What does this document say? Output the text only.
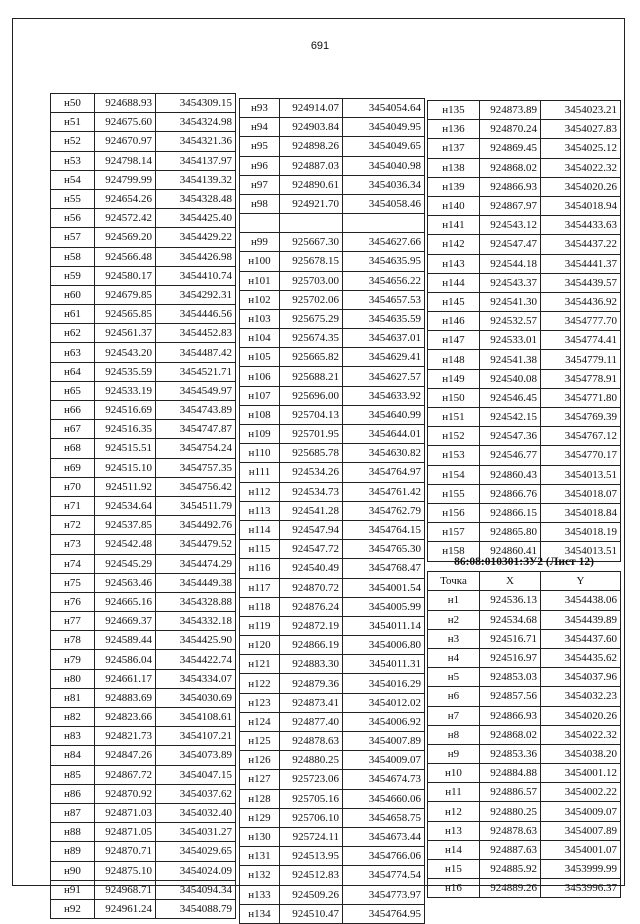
691
н50	924688.93	3454309.15
н51	924675.60	3454324.98
н52	924670.97	3454321.36
н53	924798.14	3454137.97
н54	924799.99	3454139.32
н55	924654.26	3454328.48
н56	924572.42	3454425.40
н57	924569.20	3454429.22
н58	924566.48	3454426.98
н59	924580.17	3454410.74
н60	924679.85	3454292.31
н61	924565.85	3454446.56
н62	924561.37	3454452.83
н63	924543.20	3454487.42
н64	924535.59	3454521.71
н65	924533.19	3454549.97
н66	924516.69	3454743.89
н67	924516.35	3454747.87
н68	924515.51	3454754.24
н69	924515.10	3454757.35
н70	924511.92	3454756.42
н71	924534.64	3454511.79
н72	924537.85	3454492.76
н73	924542.48	3454479.52
н74	924545.29	3454474.29
н75	924563.46	3454449.38
н76	924665.16	3454328.88
н77	924669.37	3454332.18
н78	924589.44	3454425.90
н79	924586.04	3454422.74
н80	924661.17	3454334.07
н81	924883.69	3454030.69
н82	924823.66	3454108.61
н83	924821.73	3454107.21
н84	924847.26	3454073.89
н85	924867.72	3454047.15
н86	924870.92	3454037.62
н87	924871.03	3454032.40
н88	924871.05	3454031.27
н89	924870.71	3454029.65
н90	924875.10	3454024.09
н91	924968.71	3454094.34
н92	924961.24	3454088.79
н93	924914.07	3454054.64
н94	924903.84	3454049.95
н95	924898.26	3454049.65
н96	924887.03	3454040.98
н97	924890.61	3454036.34
н98	924921.70	3454058.46

н99	925667.30	3454627.66
н100	925678.15	3454635.95
н101	925703.00	3454656.22
н102	925702.06	3454657.53
н103	925675.29	3454635.59
н104	925674.35	3454637.01
н105	925665.82	3454629.41
н106	925688.21	3454627.57
н107	925696.00	3454633.92
н108	925704.13	3454640.99
н109	925701.95	3454644.01
н110	925685.78	3454630.82
н111	924534.26	3454764.97
н112	924534.73	3454761.42
н113	924541.28	3454762.79
н114	924547.94	3454764.15
н115	924547.72	3454765.30
н116	924540.49	3454768.47
н117	924870.72	3454001.54
н118	924876.24	3454005.99
н119	924872.19	3454011.14
н120	924866.19	3454006.80
н121	924883.30	3454011.31
н122	924879.36	3454016.29
н123	924873.41	3454012.02
н124	924877.40	3454006.92
н125	924878.63	3454007.89
н126	924880.25	3454009.07
н127	925723.06	3454674.73
н128	925705.16	3454660.06
н129	925706.10	3454658.75
н130	925724.11	3454673.44
н131	924513.95	3454766.06
н132	924512.83	3454774.54
н133	924509.26	3454773.97
н134	924510.47	3454764.95
н135	924873.89	3454023.21
н136	924870.24	3454027.83
н137	924869.45	3454025.12
н138	924868.02	3454022.32
н139	924866.93	3454020.26
н140	924867.97	3454018.94
н141	924543.12	3454433.63
н142	924547.47	3454437.22
н143	924544.18	3454441.37
н144	924543.37	3454439.57
н145	924541.30	3454436.92
н146	924532.57	3454777.70
н147	924533.01	3454774.41
н148	924541.38	3454779.11
н149	924540.08	3454778.91
н150	924546.45	3454771.80
н151	924542.15	3454769.39
н152	924547.36	3454767.12
н153	924546.77	3454770.17
н154	924860.43	3454013.51
н155	924866.76	3454018.07
н156	924866.15	3454018.84
н157	924865.80	3454018.19
н158	924860.41	3454013.51
86:08:010301:ЗУ2 (Лист 12)		
Точка	X	Y
н1	924536.13	3454438.06
н2	924534.68	3454439.89
н3	924516.71	3454437.60
н4	924516.97	3454435.62
н5	924853.03	3454037.96
н6	924857.56	3454032.23
н7	924866.93	3454020.26
н8	924868.02	3454022.32
н9	924853.36	3454038.20
н10	924884.88	3454001.12
н11	924886.57	3454002.22
н12	924880.25	3454009.07
н13	924878.63	3454007.89
н14	924887.63	3454001.07
н15	924885.92	3453999.99
н16	924889.26	3453996.37
